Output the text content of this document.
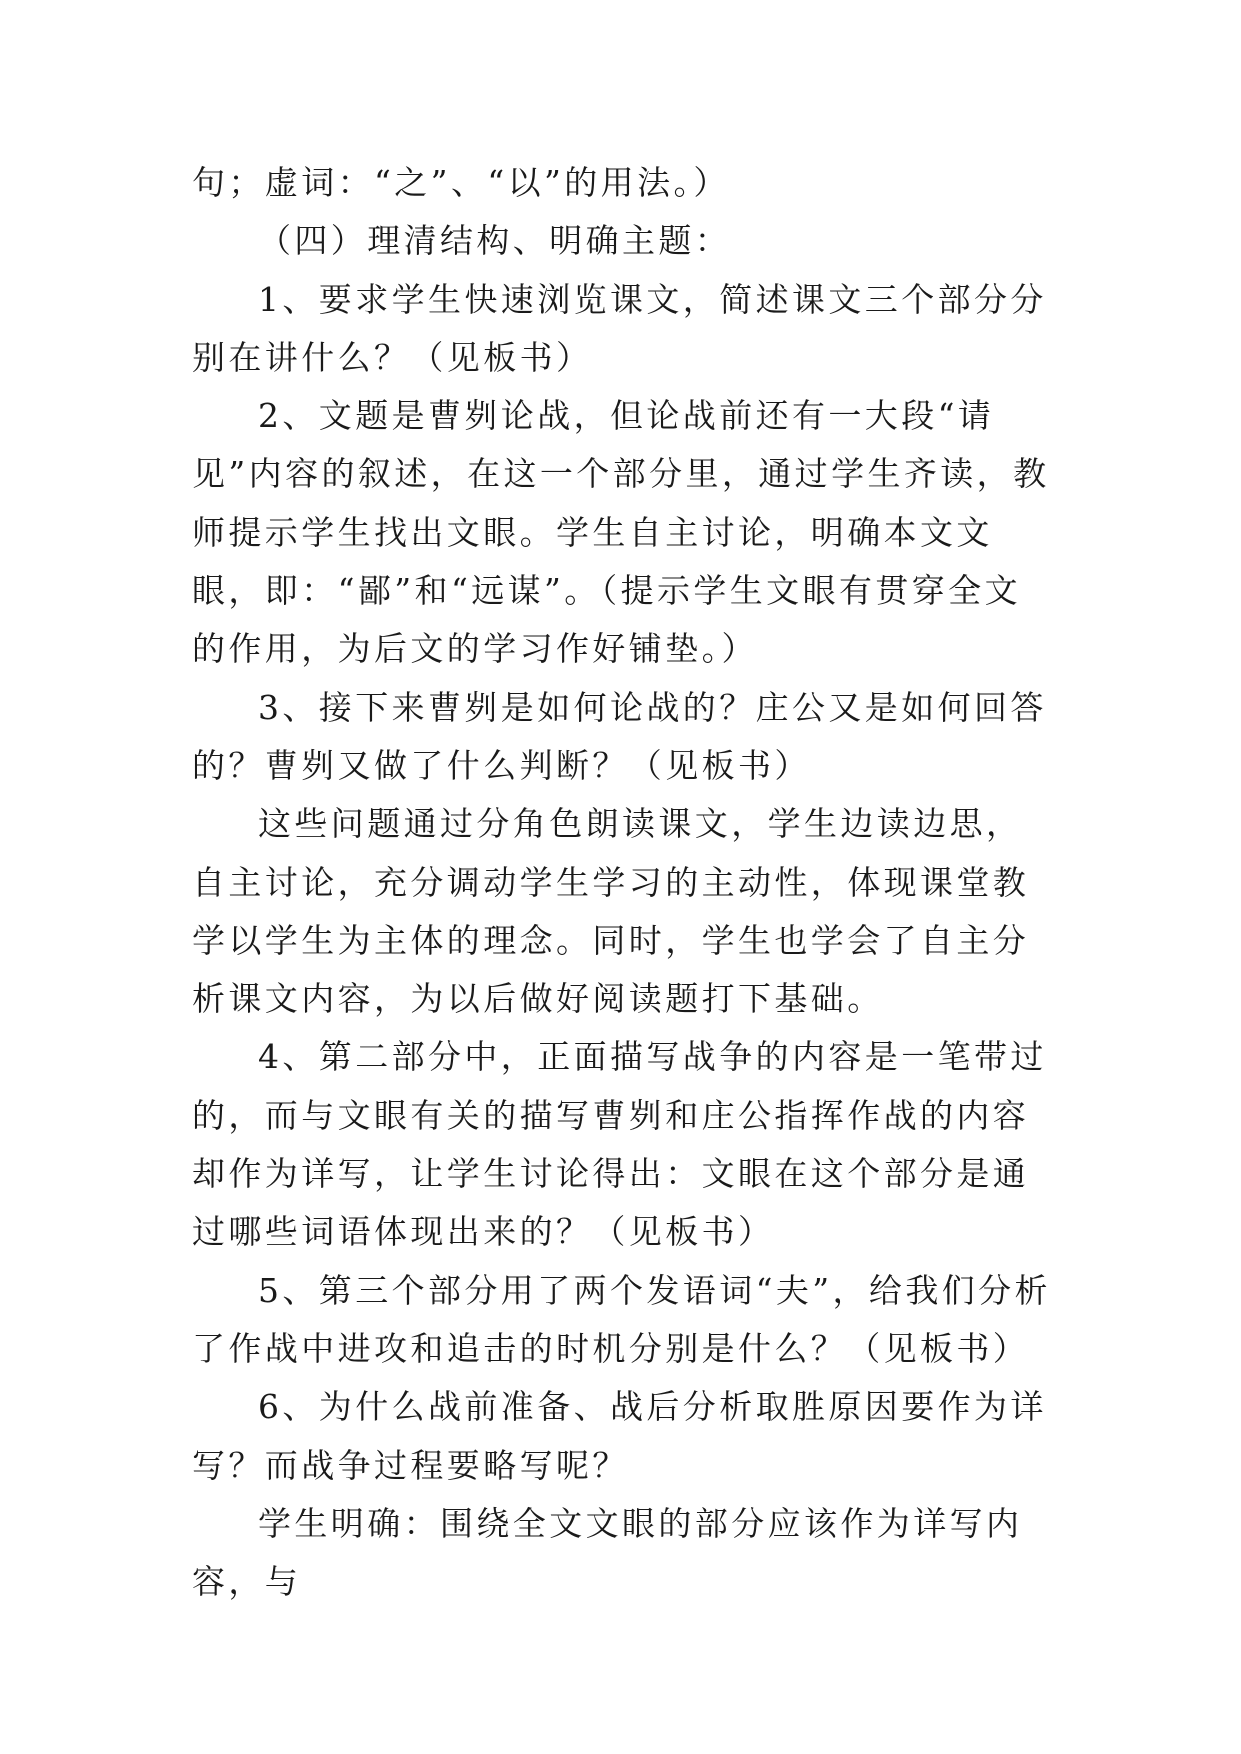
句；虚词：“之”、“以”的用法。）

（四）理清结构、明确主题：

1、要求学生快速浏览课文，简述课文三个部分分别在讲什么？（见板书）

2、文题是曹刿论战，但论战前还有一大段“请见”内容的叙述，在这一个部分里，通过学生齐读，教师提示学生找出文眼。学生自主讨论，明确本文文眼，即：“鄙”和“远谋”。（提示学生文眼有贯穿全文的作用，为后文的学习作好铺垫。）

3、接下来曹刿是如何论战的？庄公又是如何回答的？曹刿又做了什么判断？（见板书）

这些问题通过分角色朗读课文，学生边读边思，自主讨论，充分调动学生学习的主动性，体现课堂教学以学生为主体的理念。同时，学生也学会了自主分析课文内容，为以后做好阅读题打下基础。

4、第二部分中，正面描写战争的内容是一笔带过的，而与文眼有关的描写曹刿和庄公指挥作战的内容却作为详写，让学生讨论得出：文眼在这个部分是通过哪些词语体现出来的？（见板书）

5、第三个部分用了两个发语词“夫”，给我们分析了作战中进攻和追击的时机分别是什么？（见板书）

6、为什么战前准备、战后分析取胜原因要作为详写？而战争过程要略写呢？

学生明确：围绕全文文眼的部分应该作为详写内容，与
